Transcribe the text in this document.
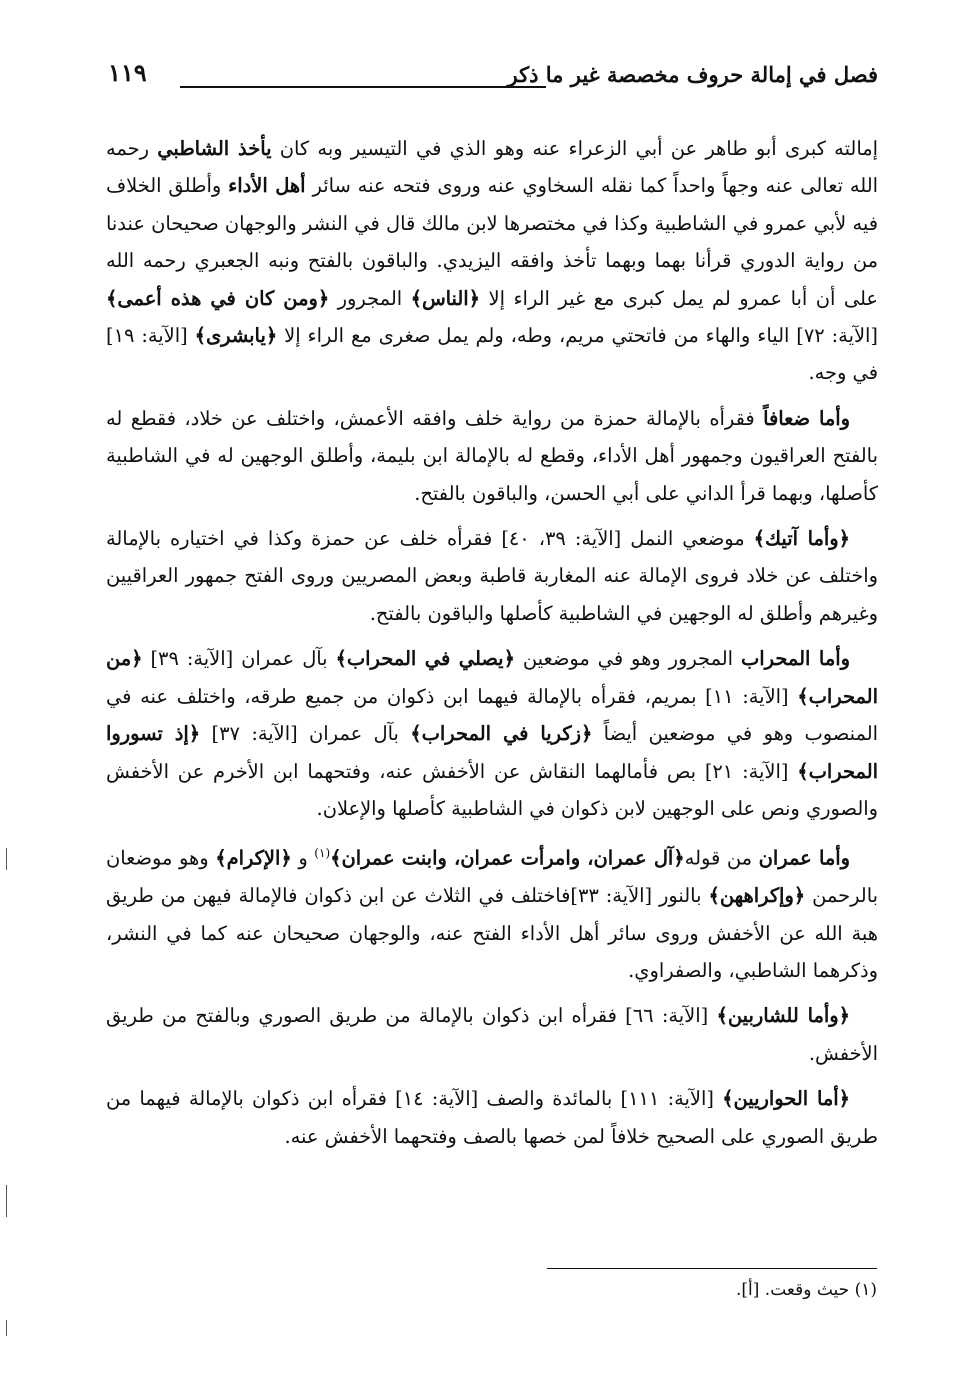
فصل في إمالة حروف مخصصة غير ما ذكر
١١٩

إمالته كبرى أبو طاهر عن أبي الزعراء عنه وهو الذي في التيسير وبه كان يأخذ الشاطبي رحمه الله تعالى عنه وجهاً واحداً كما نقله السخاوي عنه وروى فتحه عنه سائر أهل الأداء وأطلق الخلاف فيه لأبي عمرو في الشاطبية وكذا في مختصرها لابن مالك قال في النشر والوجهان صحيحان عندنا من رواية الدوري قرأنا بهما وبهما تأخذ وافقه اليزيدي. والباقون بالفتح ونبه الجعبري رحمه الله على أن أبا عمرو لم يمل كبرى مع غير الراء إلا ﴿الناس﴾ المجرور ﴿ومن كان في هذه أعمى﴾ [الآية: ٧٢] الياء والهاء من فاتحتي مريم، وطه، ولم يمل صغرى مع الراء إلا ﴿يابشرى﴾ [الآية: ١٩] في وجه.

وأما ضعافاً فقرأه بالإمالة حمزة من رواية خلف وافقه الأعمش، واختلف عن خلاد، فقطع له بالفتح العراقيون وجمهور أهل الأداء، وقطع له بالإمالة ابن بليمة، وأطلق الوجهين له في الشاطبية كأصلها، وبهما قرأ الداني على أبي الحسن، والباقون بالفتح.

﴿وأما آتيك﴾ موضعي النمل [الآية: ٣٩، ٤٠] فقرأه خلف عن حمزة وكذا في اختياره بالإمالة واختلف عن خلاد فروى الإمالة عنه المغاربة قاطبة وبعض المصريين وروى الفتح جمهور العراقيين وغيرهم وأطلق له الوجهين في الشاطبية كأصلها والباقون بالفتح.

وأما المحراب المجرور وهو في موضعين ﴿يصلي في المحراب﴾ بآل عمران [الآية: ٣٩] ﴿من المحراب﴾ [الآية: ١١] بمريم، فقرأه بالإمالة فيهما ابن ذكوان من جميع طرقه، واختلف عنه في المنصوب وهو في موضعين أيضاً ﴿زكريا في المحراب﴾ بآل عمران [الآية: ٣٧] ﴿إذ تسوروا المحراب﴾ [الآية: ٢١] بص فأمالهما النقاش عن الأخفش عنه، وفتحهما ابن الأخرم عن الأخفش والصوري ونص على الوجهين لابن ذكوان في الشاطبية كأصلها والإعلان.

وأما عمران من قوله﴿آل عمران، وامرأت عمران، وابنت عمران﴾$^{(١)}$ و ﴿الإكرام﴾ وهو موضعان بالرحمن ﴿وإكراههن﴾ بالنور [الآية: ٣٣]فاختلف في الثلاث عن ابن ذكوان فالإمالة فيهن من طريق هبة الله عن الأخفش وروى سائر أهل الأداء الفتح عنه، والوجهان صحيحان عنه كما في النشر، وذكرهما الشاطبي، والصفراوي.

﴿وأما للشاربين﴾ [الآية: ٦٦] فقرأه ابن ذكوان بالإمالة من طريق الصوري وبالفتح من طريق الأخفش.

﴿أما الحواريين﴾ [الآية: ١١١] بالمائدة والصف [الآية: ١٤] فقرأه ابن ذكوان بالإمالة فيهما من طريق الصوري على الصحيح خلافاً لمن خصها بالصف وفتحهما الأخفش عنه.

(١) حيث وقعت. [أ].
